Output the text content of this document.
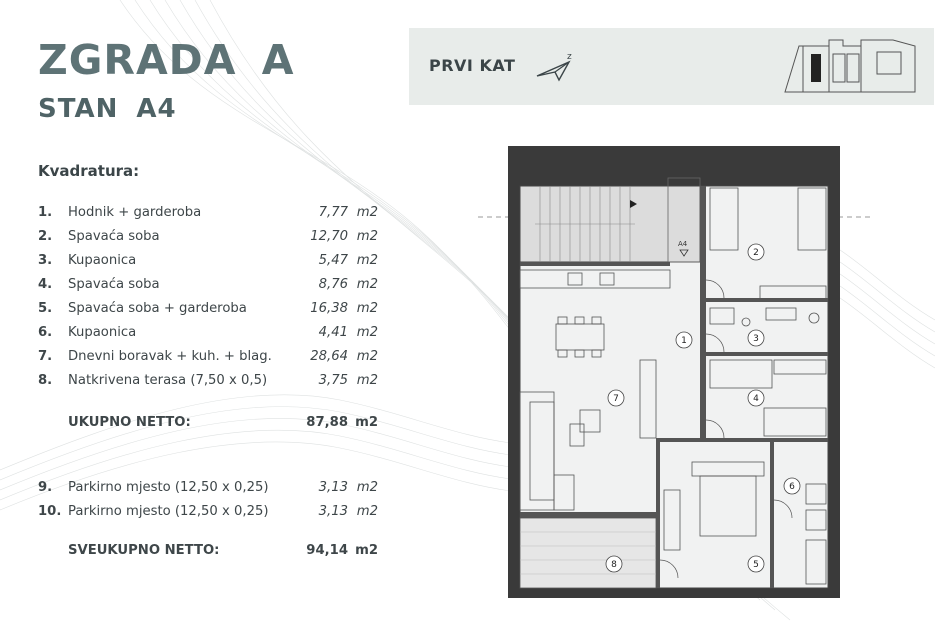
ZGRADA A
STAN A4
PRVI KAT	z
Kvadratura:
1. Hodnik + garderoba	7,77 m2
2. Spavaća soba	12,70 m2
3. Kupaonica	5,47 m2
4. Spavaća soba	8,76 m2
5. Spavaća soba + garderoba	16,38 m2
6. Kupaonica	4,41 m2
7. Dnevni boravak + kuh. + blag.	28,64 m2
8. Natkrivena terasa (7,50 x 0,5)	3,75 m2
UKUPNO NETTO:	87,88 m2
9. Parkirno mjesto (12,50 x 0,25)	3,13 m2
10. Parkirno mjesto (12,50 x 0,25)	3,13 m2
SVEUKUPNO NETTO:	94,14 m2
A4
1
2
3
4
5
6
7
8
